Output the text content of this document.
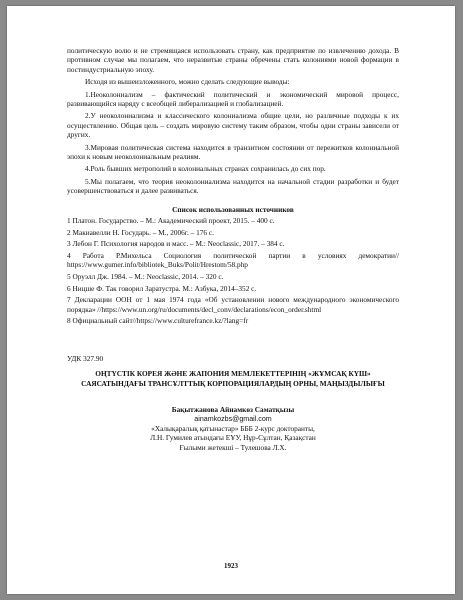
политическую волю и не стремящаяся использовать страну, как предприятие по извлечению дохода. В противном случае мы полагаем, что неразвитые страны обречены стать колониями новой формации в постиндустриальную эпоху.

Исходя из вышеизложенного, можно сделать следующие выводы:

1.Неоколониализм – фактический политический и экономический мировой процесс, развивающийся наряду с всеобщей либерализацией и глобализацией.

2.У неоколониализма и классического колониализма общие цели, но различные подходы к их осуществлению. Общая цель – создать мировую систему таким образом, чтобы одни страны зависели от других.

3.Мировая политическая система находится в транзитном состоянии от пережитков колониальной эпохи к новым неоколониальным реалиям.

4.Роль бывших метрополий в колониальных странах сохранилась до сих пор.

5.Мы полагаем, что теория неоколониализма находится на начальной стадии разработки и будет усовершенствоваться и далее развиваться.

Список использованных источников

1 Платон. Государство. – М.: Академический проект, 2015. – 400 с.

2 Макиавелли Н. Государь. – М., 2006г. – 176 с.

3 Лебон Г. Психология народов и масс. – М.: Neoclassic, 2017. – 384 с.

4 Работа Р.Михельса Социология политической партии в условиях демократии// https://www.gumer.info/bibliotek_Buks/Polit/Hrestom/58.php

5 Оруэлл Дж. 1984. – М.: Neoclassic, 2014. – 320 с.

6 Ницше Ф. Так говорил Заратустра. М.: Азбука, 2014–352 с.

7 Декларации ООН от 1 мая 1974 года «Об установлении нового международного экономического порядка» //https://www.un.org/ru/documents/decl_conv/declarations/econ_order.shtml

8 Официальный сайт//https://www.culturefrance.kz/?lang=fr

УДК 327.90

ОҢТҮСТІК КОРЕЯ ЖӘНЕ ЖАПОНИЯ МЕМЛЕКЕТТЕРІНІҢ «ЖҰМСАҚ КҮШ» САЯСАТЫНДАҒЫ ТРАНСҰЛТТЫҚ КОРПОРАЦИЯЛАРДЫҢ ОРНЫ, МАҢЫЗДЫЛЫҒЫ

Бақытжанова Айнамкөз Саматқызы

ainamkozbs@gmail.com

«Халықаралық қатынастар» БББ 2-курс докторанты,

Л.Н. Гумилев атындағы ЕҰУ, Нұр-Сұлтан, Қазақстан

Ғылыми жетекші – Тулешова Л.Х.

1923
